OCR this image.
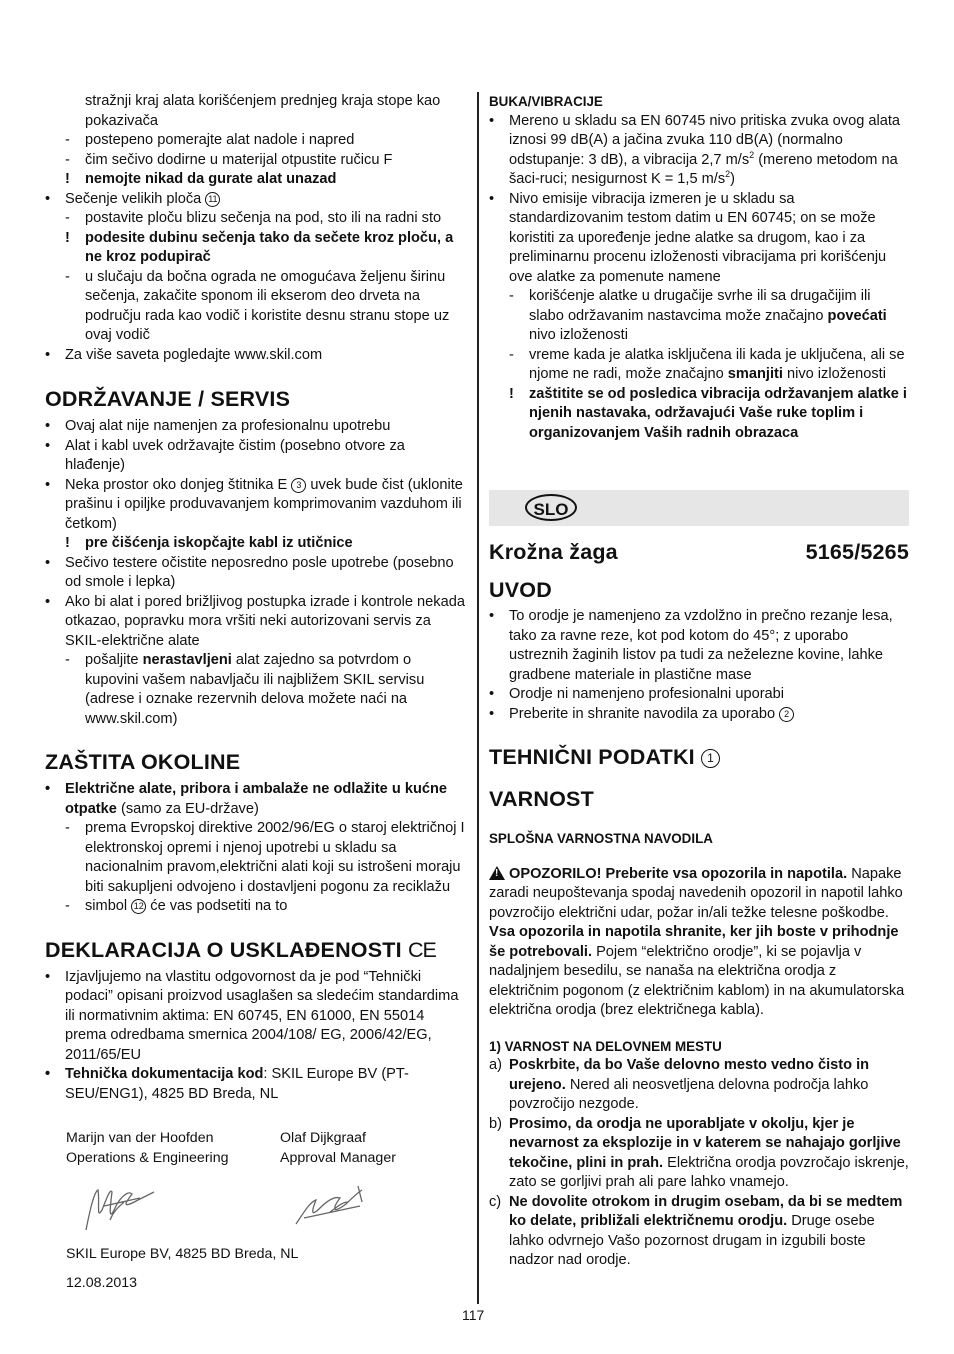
stražnji kraj alata korišćenjem prednjeg kraja stope kao pokazivača
-	postepeno pomerajte alat nadole i napred
-	čim sečivo dodirne u materijal otpustite ručicu F
!	nemojte nikad da gurate alat unazad
•	Sečenje velikih ploča 11
-	postavite ploču blizu sečenja na pod, sto ili na radni sto
!	podesite dubinu sečenja tako da sečete kroz ploču, a ne kroz podupirač
-	u slučaju da bočna ograda ne omogućava željenu širinu sečenja, zakačite sponom ili ekserom deo drveta na području rada kao vodič i koristite desnu stranu stope uz ovaj vodič
•	Za više saveta pogledajte www.skil.com
ODRŽAVANJE / SERVIS
•	Ovaj alat nije namenjen za profesionalnu upotrebu
•	Alat i kabl uvek održavajte čistim (posebno otvore za hlađenje)
•	Neka prostor oko donjeg štitnika E 3 uvek bude čist (uklonite prašinu i opiljke produvavanjem komprimovanim vazduhom ili četkom)
!	pre čišćenja iskopčajte kabl iz utičnice
•	Sečivo testere očistite neposredno posle upotrebe (posebno od smole i lepka)
•	Ako bi alat i pored brižljivog postupka izrade i kontrole nekada otkazao, popravku mora vršiti neki autorizovani servis za SKIL-električne alate
-	pošaljite nerastavljeni alat zajedno sa potvrdom o kupovini vašem nabavljaču ili najbližem SKIL servisu (adrese i oznake rezervnih delova možete naći na www.skil.com)
ZAŠTITA OKOLINE
•	Električne alate, pribora i ambalaže ne odlažite u kućne otpatke (samo za EU-države)
-	prema Evropskoj direktive 2002/96/EG o staroj električnoj I elektronskoj opremi i njenoj upotrebi u skladu sa nacionalnim pravom,električni alati koji su istrošeni moraju biti sakupljeni odvojeno i dostavljeni pogonu za reciklažu
-	simbol 12 će vas podsetiti na to
DEKLARACIJA O USKLAĐENOSTI CE
•	Izjavljujemo na vlastitu odgovornost da je pod “Tehnički podaci” opisani proizvod usaglašen sa sledećim standardima ili normativnim aktima: EN 60745, EN 61000, EN 55014 prema odredbama smernica 2004/108/ EG, 2006/42/EG, 2011/65/EU
•	Tehnička dokumentacija kod: SKIL Europe BV (PT-SEU/ENG1), 4825 BD Breda, NL
Marijn van der Hoofden
Operations & Engineering
Olaf Dijkgraaf
Approval Manager
SKIL Europe BV, 4825 BD Breda, NL
12.08.2013
BUKA/VIBRACIJE
•	Mereno u skladu sa EN 60745 nivo pritiska zvuka ovog alata iznosi 99 dB(A) a jačina zvuka 110 dB(A) (normalno odstupanje: 3 dB), a vibracija 2,7 $m/s^2$ (mereno metodom na šaci-ruci; nesigurnost K = 1,5 $m/s^2$)
•	Nivo emisije vibracija izmeren je u skladu sa standardizovanim testom datim u EN 60745; on se može koristiti za upoređenje jedne alatke sa drugom, kao i za preliminarnu procenu izloženosti vibracijama pri korišćenju ove alatke za pomenute namene
-	korišćenje alatke u drugačije svrhe ili sa drugačijim ili slabo održavanim nastavcima može značajno povećati nivo izloženosti
-	vreme kada je alatka isključena ili kada je uključena, ali se njome ne radi, može značajno smanjiti nivo izloženosti
!	zaštitite se od posledica vibracija održavanjem alatke i njenih nastavaka, održavajući Vaše ruke toplim i organizovanjem Vaših radnih obrazaca
SLO
Krožna žaga	5165/5265
UVOD
•	To orodje je namenjeno za vzdolžno in prečno rezanje lesa, tako za ravne reze, kot pod kotom do 45°; z uporabo ustreznih žaginih listov pa tudi za neželezne kovine, lahke gradbene materiale in plastične mase
•	Orodje ni namenjeno profesionalni uporabi
•	Preberite in shranite navodila za uporabo 2
TEHNIČNI PODATKI 1
VARNOST
SPLOŠNA VARNOSTNA NAVODILA
!OPOZORILO! Preberite vsa opozorila in napotila. Napake zaradi neupoštevanja spodaj navedenih opozoril in napotil lahko povzročijo električni udar, požar in/ali težke telesne poškodbe. Vsa opozorila in napotila shranite, ker jih boste v prihodnje še potrebovali. Pojem “električno orodje”, ki se pojavlja v nadaljnjem besedilu, se nanaša na električna orodja z električnim pogonom (z električnim kablom) in na akumulatorska električna orodja (brez električnega kabla).
1) VARNOST NA DELOVNEM MESTU
a) Poskrbite, da bo Vaše delovno mesto vedno čisto in urejeno. Nered ali neosvetljena delovna področja lahko povzročijo nezgode.
b) Prosimo, da orodja ne uporabljate v okolju, kjer je nevarnost za eksplozije in v katerem se nahajajo gorljive tekočine, plini in prah. Električna orodja povzročajo iskrenje, zato se gorljivi prah ali pare lahko vnamejo.
c) Ne dovolite otrokom in drugim osebam, da bi se medtem ko delate, približali električnemu orodju. Druge osebe lahko odvrnejo Vašo pozornost drugam in izgubili boste nadzor nad orodje.
117
